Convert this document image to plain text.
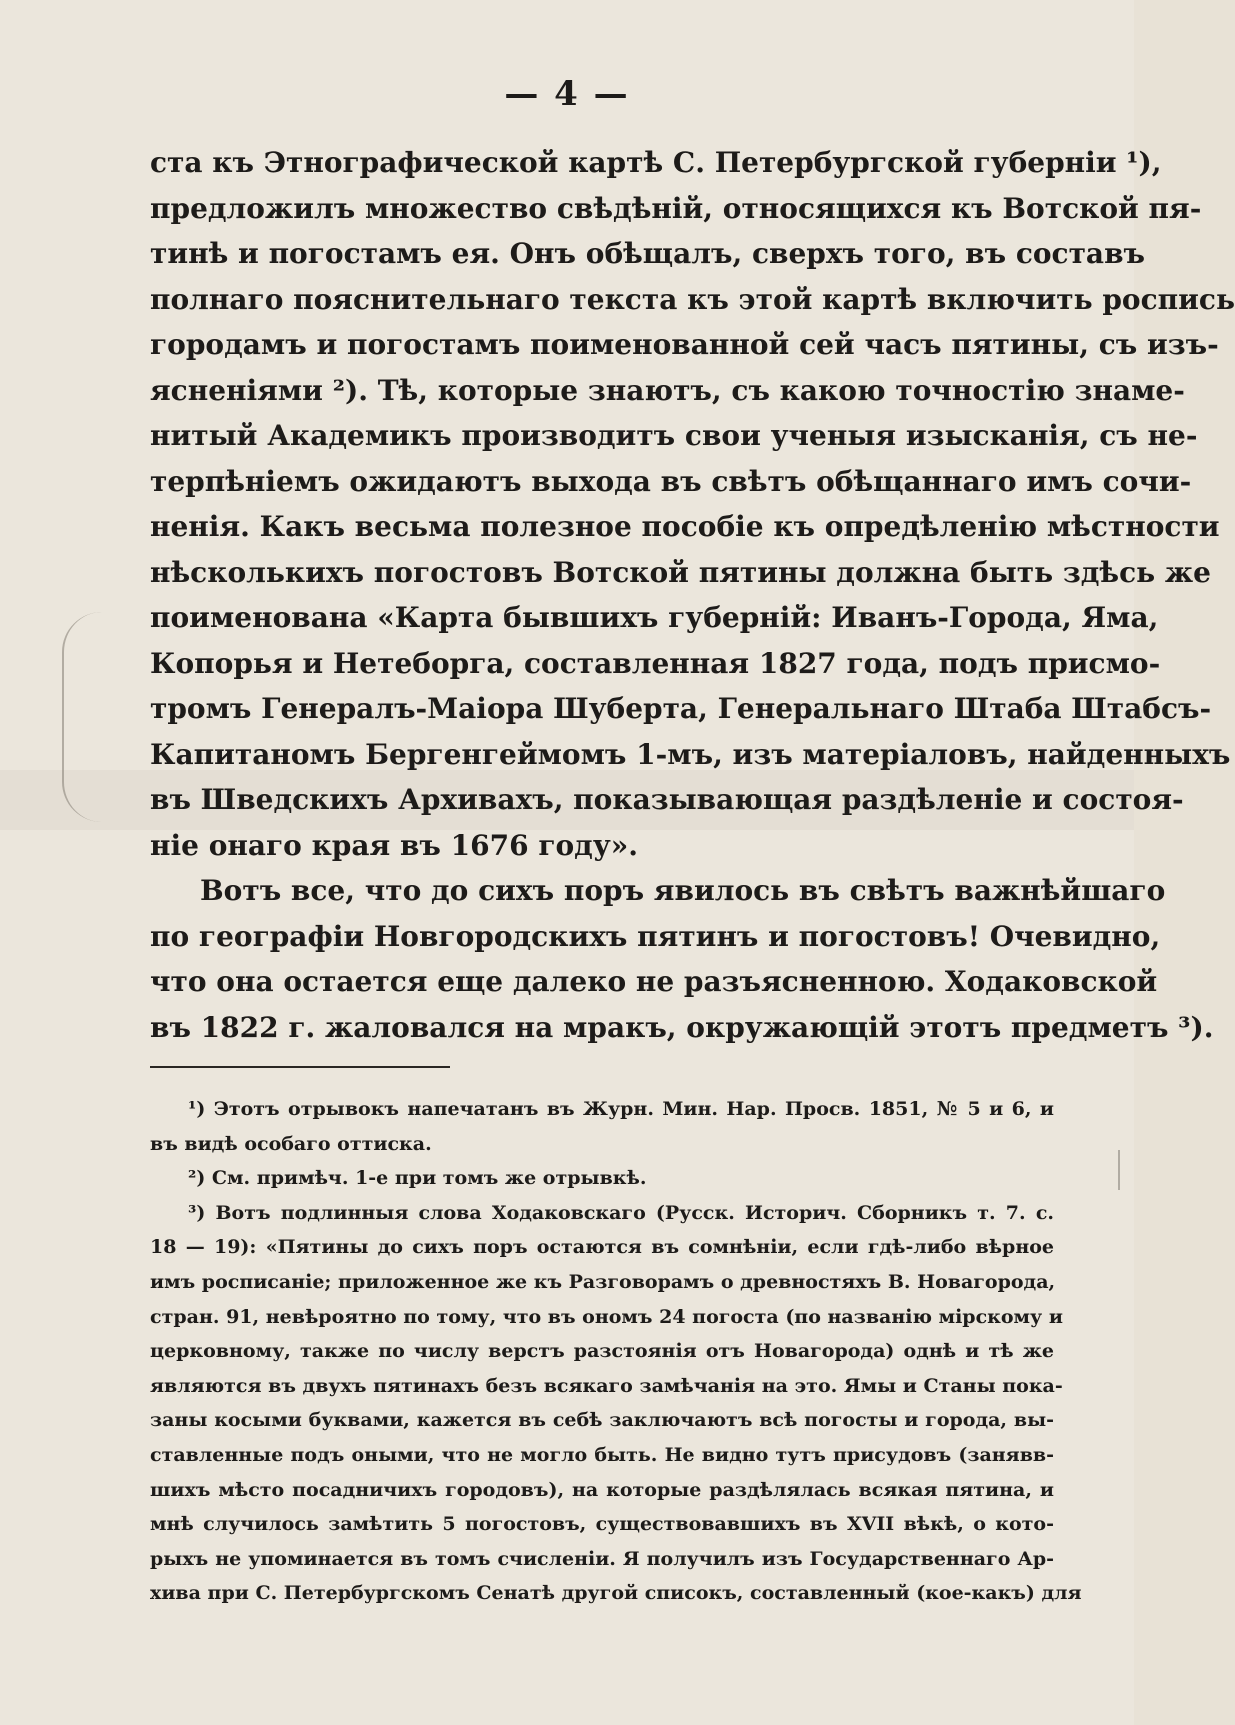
— 4 —
ста къ Этнографической картѣ С. Петербургской губерніи ¹),
предложилъ множество свѣдѣній, относящихся къ Вотской пя-
тинѣ и погостамъ ея. Онъ обѣщалъ, сверхъ того, въ составъ
полнаго пояснительнаго текста къ этой картѣ включить роспись
городамъ и погостамъ поименованной сей часъ пятины, съ изъ-
ясненіями ²). Тѣ, которые знаютъ, съ какою точностію знаме-
нитый Академикъ производитъ свои ученыя изысканія, съ не-
терпѣніемъ ожидаютъ выхода въ свѣтъ обѣщаннаго имъ сочи-
ненія. Какъ весьма полезное пособіе къ опредѣленію мѣстности
нѣсколькихъ погостовъ Вотской пятины должна быть здѣсь же
поименована «Карта бывшихъ губерній: Иванъ-Города, Яма,
Копорья и Нетеборга, составленная 1827 года, подъ присмо-
тромъ Генералъ-Маіора Шуберта, Генеральнаго Штаба Штабсъ-
Капитаномъ Бергенгеймомъ 1-мъ, изъ матеріаловъ, найденныхъ
въ Шведскихъ Архивахъ, показывающая раздѣленіе и состоя-
ніе онаго края въ 1676 году».
Вотъ все, что до сихъ поръ явилось въ свѣтъ важнѣйшаго
по географіи Новгородскихъ пятинъ и погостовъ! Очевидно,
что она остается еще далеко не разъясненною. Ходаковской
въ 1822 г. жаловался на мракъ, окружающій этотъ предметъ ³).
¹) Этотъ отрывокъ напечатанъ въ Журн. Мин. Нар. Просв. 1851, № 5 и 6, и
въ видѣ особаго оттиска.
²) См. примѣч. 1-е при томъ же отрывкѣ.
³) Вотъ подлинныя слова Ходаковскаго (Русск. Историч. Сборникъ т. 7. с.
18 — 19): «Пятины до сихъ поръ остаются въ сомнѣніи, если гдѣ-либо вѣрное
имъ росписаніе; приложенное же къ Разговорамъ о древностяхъ В. Новагорода,
стран. 91, невѣроятно по тому, что въ ономъ 24 погоста (по названію мірскому и
церковному, также по числу верстъ разстоянія отъ Новагорода) однѣ и тѣ же
являются въ двухъ пятинахъ безъ всякаго замѣчанія на это. Ямы и Станы пока-
заны косыми буквами, кажется въ себѣ заключаютъ всѣ погосты и города, вы-
ставленные подъ оными, что не могло быть. Не видно тутъ присудовъ (занявв-
шихъ мѣсто посадничихъ городовъ), на которые раздѣлялась всякая пятина, и
мнѣ случилось замѣтить 5 погостовъ, существовавшихъ въ XVII вѣкѣ, о кото-
рыхъ не упоминается въ томъ счисленіи. Я получилъ изъ Государственнаго Ар-
хива при С. Петербургскомъ Сенатѣ другой списокъ, составленный (кое-какъ) для
